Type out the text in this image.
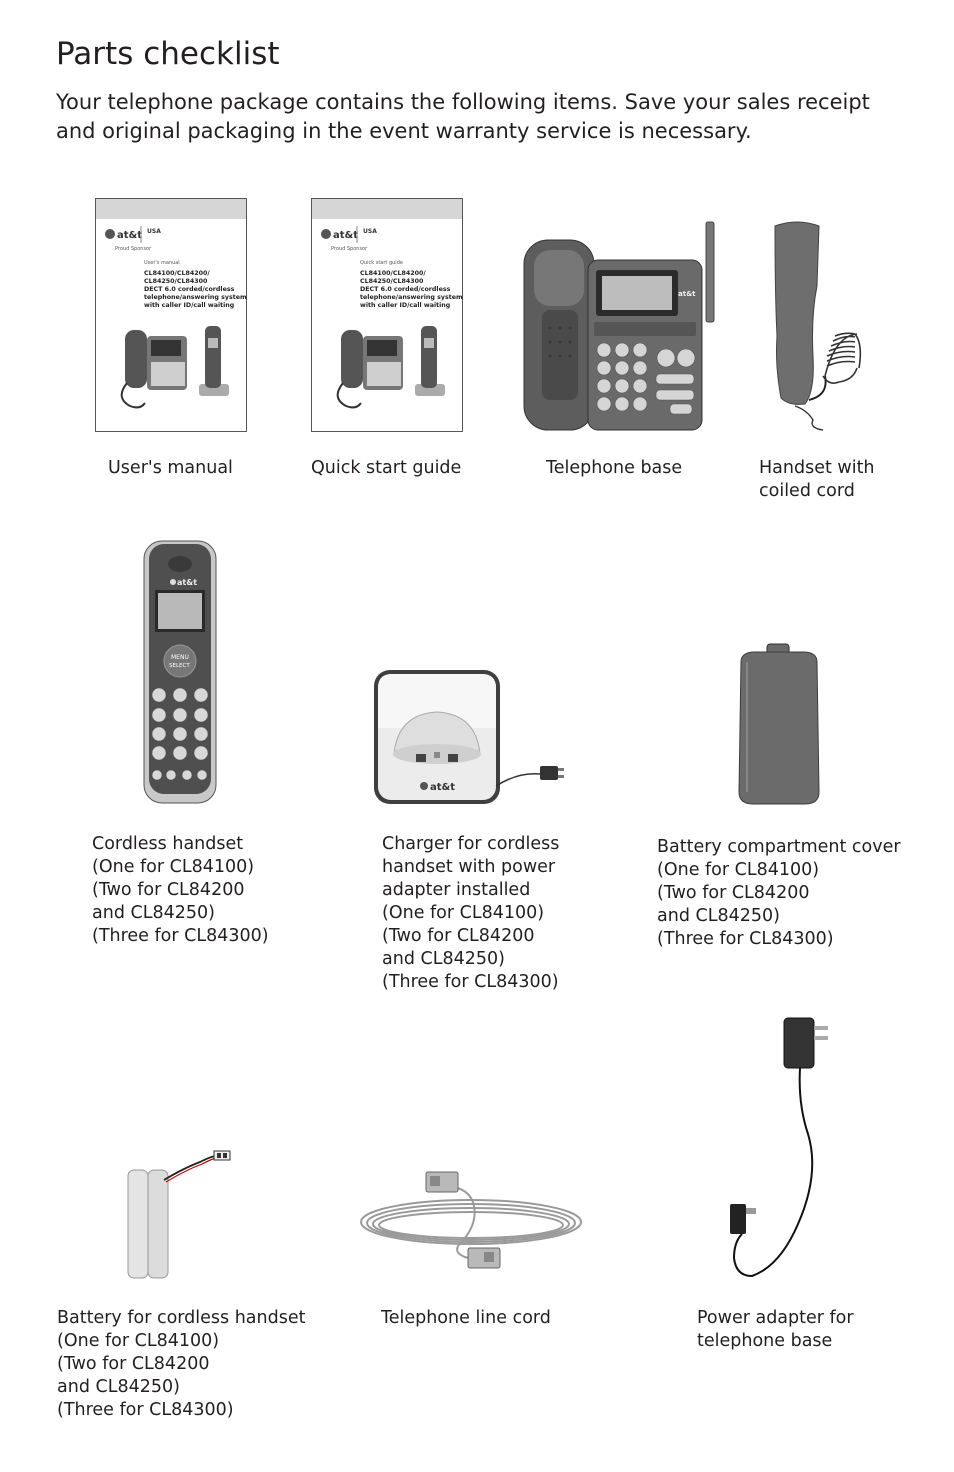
Parts checklist

Your telephone package contains the following items. Save your sales receipt and original packaging in the event warranty service is necessary.

at&t USA
Proud Sponsor
User's manual
CL84100/CL84200/
CL84250/CL84300
DECT 6.0 corded/cordless
telephone/answering system
with caller ID/call waiting
User's manual
at&t USA
Proud Sponsor
Quick start guide
CL84100/CL84200/
CL84250/CL84300
DECT 6.0 corded/cordless
telephone/answering system
with caller ID/call waiting
Quick start guide
at&t
Telephone base	Handset with
coiled cord
at&t
MENU
SELECT
Cordless handset
(One for CL84100)
(Two for CL84200
and CL84250)
(Three for CL84300)
at&t
Charger for cordless
handset with power
adapter installed
(One for CL84100)
(Two for CL84200
and CL84250)
(Three for CL84300)
Battery compartment cover
(One for CL84100)
(Two for CL84200
and CL84250)
(Three for CL84300)
Battery for cordless handset
(One for CL84100)
(Two for CL84200
and CL84250)
(Three for CL84300)
Telephone line cord	Power adapter for
telephone base
